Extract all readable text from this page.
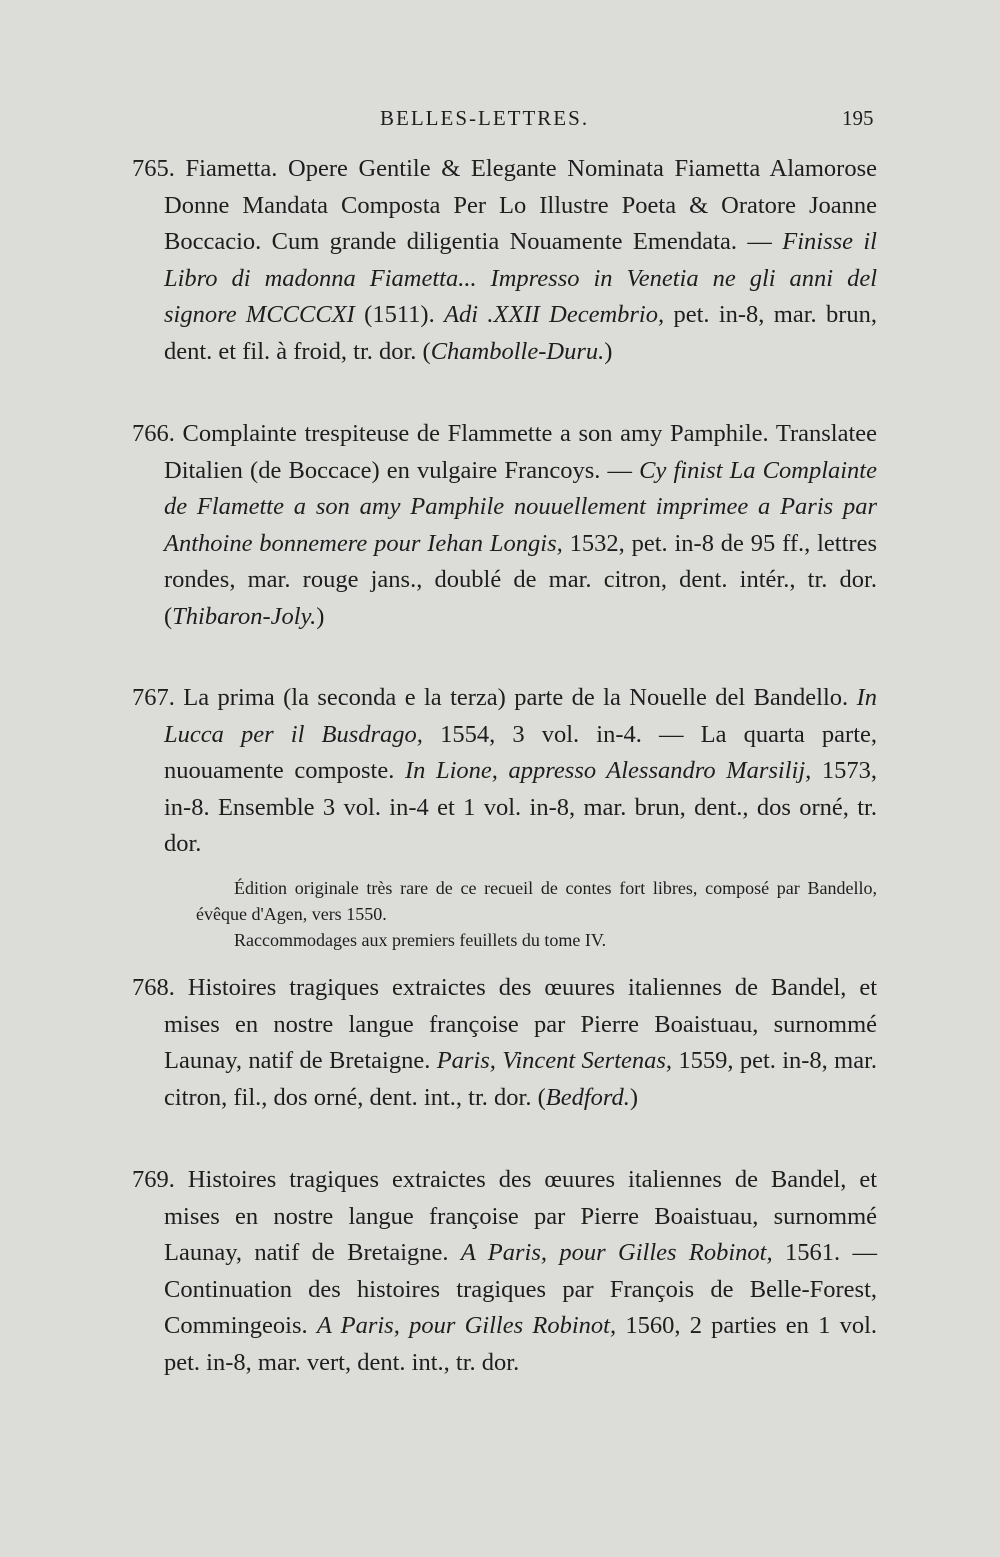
BELLES-LETTRES.	195

765. Fiametta. Opere Gentile & Elegante Nominata Fiametta Alamorose Donne Mandata Composta Per Lo Illustre Poeta & Oratore Joanne Boccacio. Cum grande diligentia Nouamente Emendata. — Finisse il Libro di madonna Fiametta... Impresso in Venetia ne gli anni del signore MCCCCXI (1511). Adi .XXII Decembrio, pet. in-8, mar. brun, dent. et fil. à froid, tr. dor. (Chambolle-Duru.)

766. Complainte trespiteuse de Flammette a son amy Pamphile. Translatee Ditalien (de Boccace) en vulgaire Francoys. — Cy finist La Complainte de Flamette a son amy Pamphile nouuellement imprimee a Paris par Anthoine bonnemere pour Iehan Longis, 1532, pet. in-8 de 95 ff., lettres rondes, mar. rouge jans., doublé de mar. citron, dent. intér., tr. dor. (Thibaron-Joly.)

767. La prima (la seconda e la terza) parte de la Nouelle del Bandello. In Lucca per il Busdrago, 1554, 3 vol. in-4. — La quarta parte, nuouamente composte. In Lione, appresso Alessandro Marsilij, 1573, in-8. Ensemble 3 vol. in-4 et 1 vol. in-8, mar. brun, dent., dos orné, tr. dor.

Édition originale très rare de ce recueil de contes fort libres, composé par Bandello, évêque d'Agen, vers 1550.

Raccommodages aux premiers feuillets du tome IV.

768. Histoires tragiques extraictes des œuures italiennes de Bandel, et mises en nostre langue françoise par Pierre Boaistuau, surnommé Launay, natif de Bretaigne. Paris, Vincent Sertenas, 1559, pet. in-8, mar. citron, fil., dos orné, dent. int., tr. dor. (Bedford.)

769. Histoires tragiques extraictes des œuures italiennes de Bandel, et mises en nostre langue françoise par Pierre Boaistuau, surnommé Launay, natif de Bretaigne. A Paris, pour Gilles Robinot, 1561. — Continuation des histoires tragiques par François de Belle-Forest, Commingeois. A Paris, pour Gilles Robinot, 1560, 2 parties en 1 vol. pet. in-8, mar. vert, dent. int., tr. dor.
